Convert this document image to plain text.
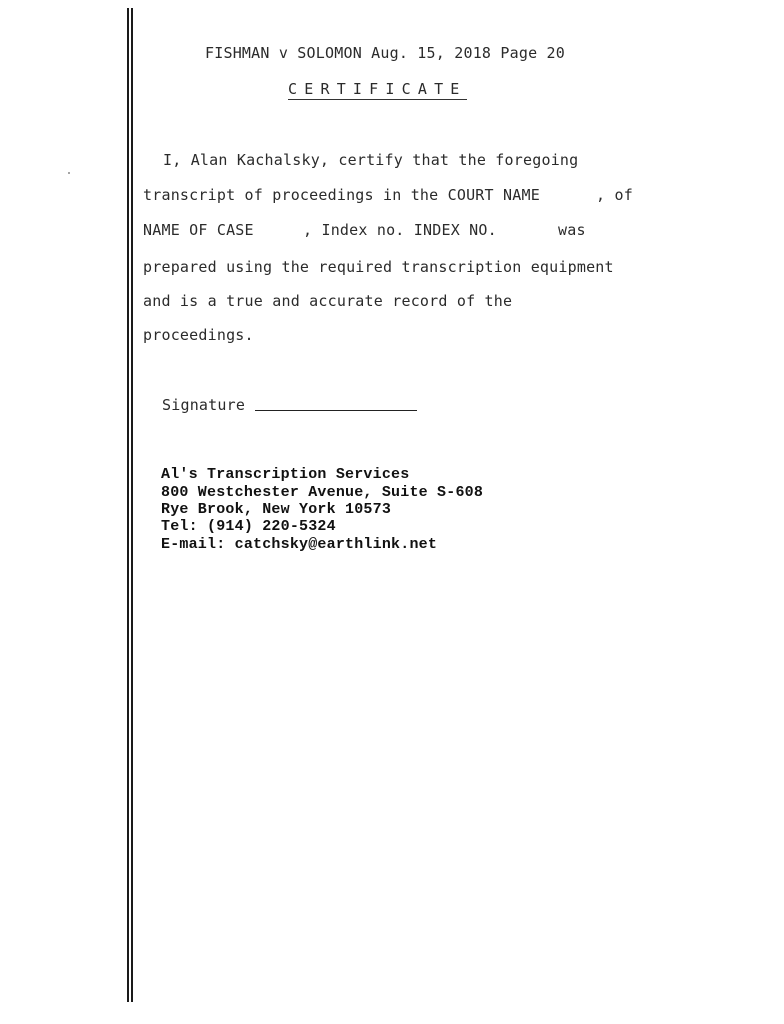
FISHMAN v SOLOMON Aug. 15, 2018 Page 20
CERTIFICATE
I, Alan Kachalsky, certify that the foregoing
transcript of proceedings in the COURT NAME	, of
NAME OF CASE	, Index no. INDEX NO.	was
prepared using the required transcription equipment
and is a true and accurate record of the
proceedings.
Signature
Al's Transcription Services
800 Westchester Avenue, Suite S-608
Rye Brook, New York 10573
Tel: (914) 220-5324
E-mail: catchsky@earthlink.net
